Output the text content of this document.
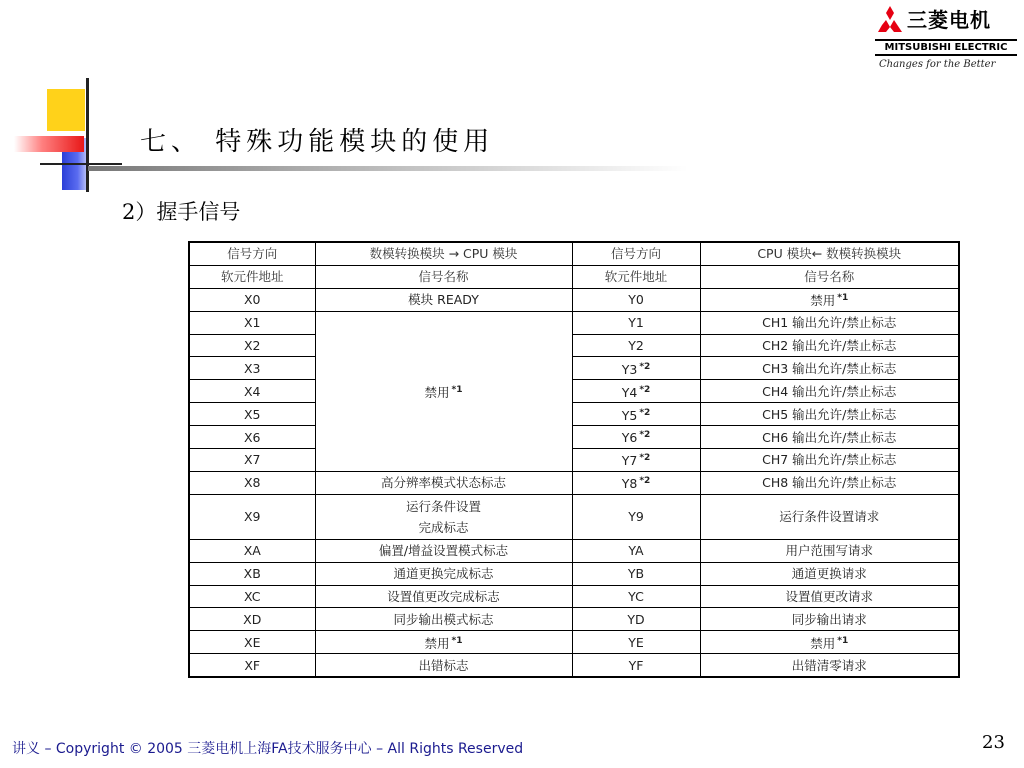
七、 特殊功能模块的使用
2）握手信号
三菱电机
MITSUBISHI ELECTRIC
Changes for the Better
信号方向	数模转换模块 → CPU 模块	信号方向	CPU 模块← 数模转换模块
软元件地址	信号名称	软元件地址	信号名称
X0	模块 READY	Y0	禁用 $^{*1}$
X1	禁用 $^{*1}$	Y1	CH1 输出允许/禁止标志
X2		Y2	CH2 输出允许/禁止标志
X3		Y3 $^{*2}$	CH3 输出允许/禁止标志
X4		Y4 $^{*2}$	CH4 输出允许/禁止标志
X5		Y5 $^{*2}$	CH5 输出允许/禁止标志
X6		Y6 $^{*2}$	CH6 输出允许/禁止标志
X7		Y7 $^{*2}$	CH7 输出允许/禁止标志
X8	高分辨率模式状态标志	Y8 $^{*2}$	CH8 输出允许/禁止标志
X9	运行条件设置
完成标志	Y9	运行条件设置请求
XA	偏置/增益设置模式标志	YA	用户范围写请求
XB	通道更换完成标志	YB	通道更换请求
XC	设置值更改完成标志	YC	设置值更改请求
XD	同步输出模式标志	YD	同步输出请求
XE	禁用 $^{*1}$	YE	禁用 $^{*1}$
XF	出错标志	YF	出错清零请求
讲义 – Copyright © 2005 三菱电机上海FA技术服务中心 – All Rights Reserved	23
